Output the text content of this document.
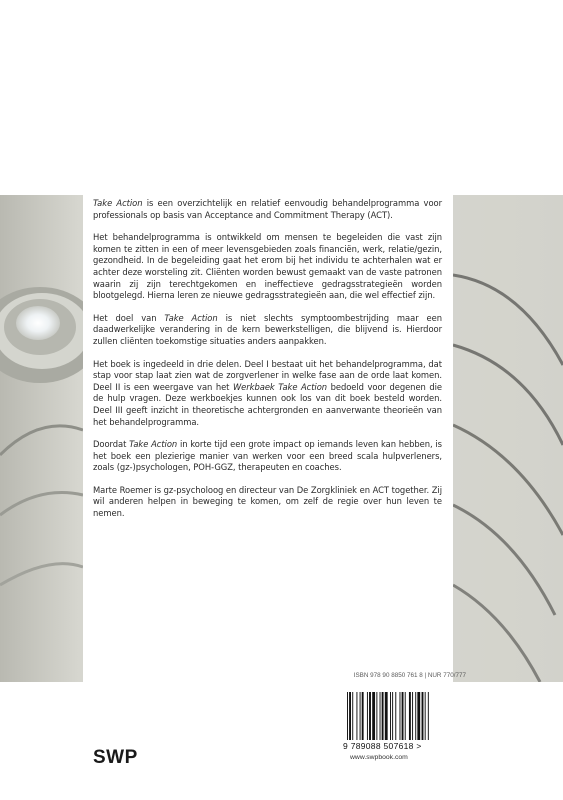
Take Action is een overzichtelijk en relatief eenvoudig behandelprogramma voor professionals op basis van Acceptance and Commitment Therapy (ACT).

Het behandelprogramma is ontwikkeld om mensen te begeleiden die vast zijn komen te zitten in een of meer levensgebieden zoals financiën, werk, relatie/gezin, gezondheid. In de begeleiding gaat het erom bij het individu te achterhalen wat er achter deze worsteling zit. Cliënten worden bewust gemaakt van de vaste patronen waarin zij zijn terechtgekomen en ineffectieve gedragsstrategieën worden blootgelegd. Hierna leren ze nieuwe gedragsstrategieën aan, die wel effectief zijn.

Het doel van Take Action is niet slechts symptoombestrijding maar een daadwerkelijke verandering in de kern bewerkstelligen, die blijvend is. Hierdoor zullen cliënten toekomstige situaties anders aanpakken.

Het boek is ingedeeld in drie delen. Deel I bestaat uit het behandelprogramma, dat stap voor stap laat zien wat de zorgverlener in welke fase aan de orde laat komen. Deel II is een weergave van het Werkbaek Take Action bedoeld voor degenen die de hulp vragen. Deze werkboekjes kunnen ook los van dit boek besteld worden. Deel III geeft inzicht in theoretische achtergronden en aanverwante theorieën van het behandelprogramma.

Doordat Take Action in korte tijd een grote impact op iemands leven kan hebben, is het boek een plezierige manier van werken voor een breed scala hulpverleners, zoals (gz-)psychologen, POH-GGZ, therapeuten en coaches.

Marte Roemer is gz-psycholoog en directeur van De Zorgkliniek en ACT together. Zij wil anderen helpen in beweging te komen, om zelf de regie over hun leven te nemen.

ISBN 978 90 8850 761 8 | NUR 770/777
SWP
9 789088 507618 >
www.swpbook.com
